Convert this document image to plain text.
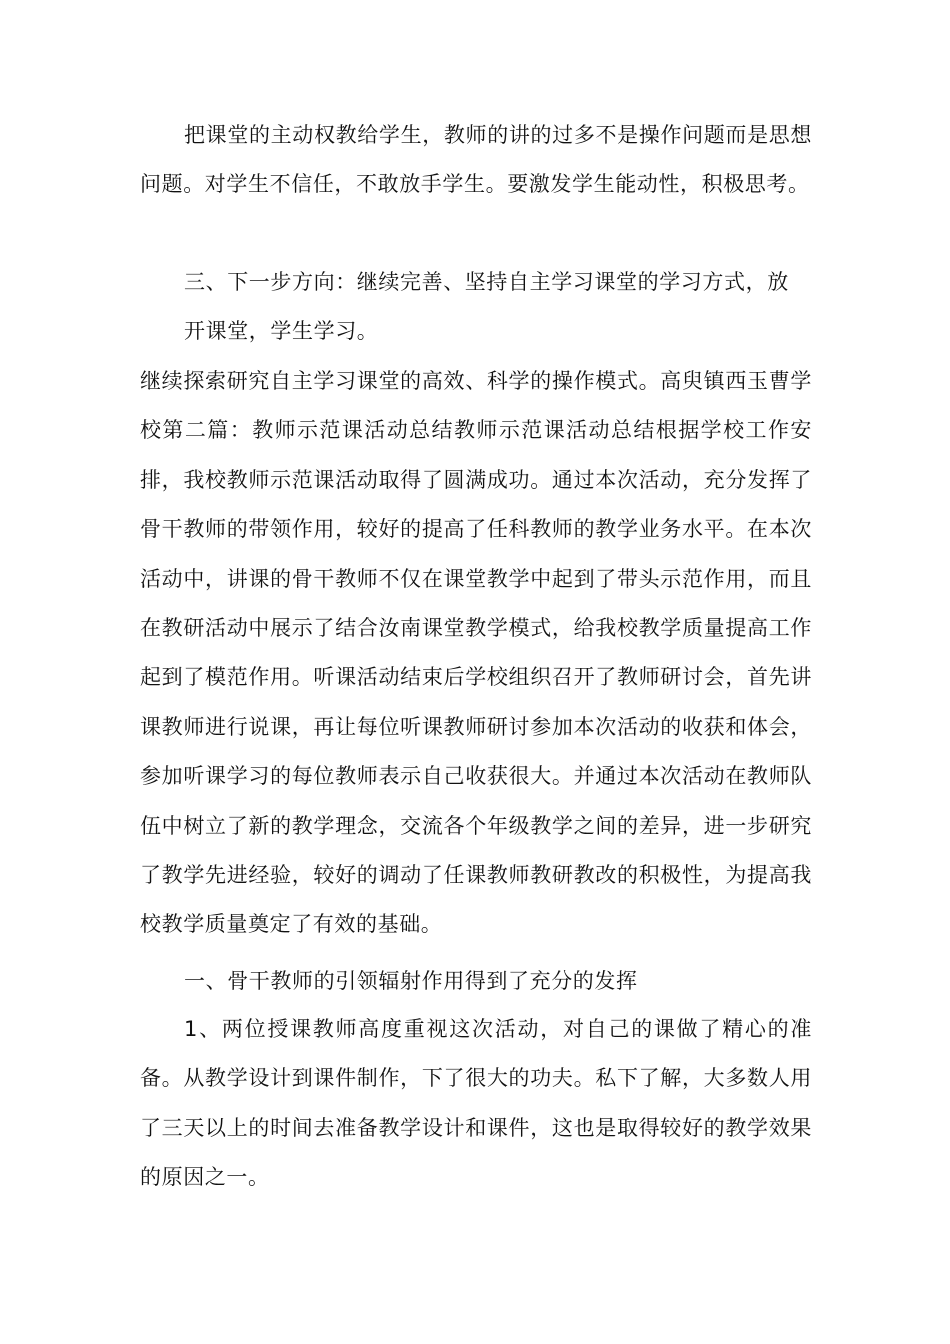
把课堂的主动权教给学生，教师的讲的过多不是操作问题而是思想问题。对学生不信任，不敢放手学生。要激发学生能动性，积极思考。

三、下一步方向：继续完善、坚持自主学习课堂的学习方式，放

开课堂，学生学习。

继续探索研究自主学习课堂的高效、科学的操作模式。高臾镇西玉曹学校第二篇：教师示范课活动总结教师示范课活动总结根据学校工作安排，我校教师示范课活动取得了圆满成功。通过本次活动，充分发挥了骨干教师的带领作用，较好的提高了任科教师的教学业务水平。在本次活动中，讲课的骨干教师不仅在课堂教学中起到了带头示范作用，而且在教研活动中展示了结合汝南课堂教学模式，给我校教学质量提高工作起到了模范作用。听课活动结束后学校组织召开了教师研讨会，首先讲课教师进行说课，再让每位听课教师研讨参加本次活动的收获和体会，参加听课学习的每位教师表示自己收获很大。并通过本次活动在教师队伍中树立了新的教学理念，交流各个年级教学之间的差异，进一步研究了教学先进经验，较好的调动了任课教师教研教改的积极性，为提高我校教学质量奠定了有效的基础。

一、骨干教师的引领辐射作用得到了充分的发挥

1、两位授课教师高度重视这次活动，对自己的课做了精心的准备。从教学设计到课件制作，下了很大的功夫。私下了解，大多数人用了三天以上的时间去准备教学设计和课件，这也是取得较好的教学效果的原因之一。
